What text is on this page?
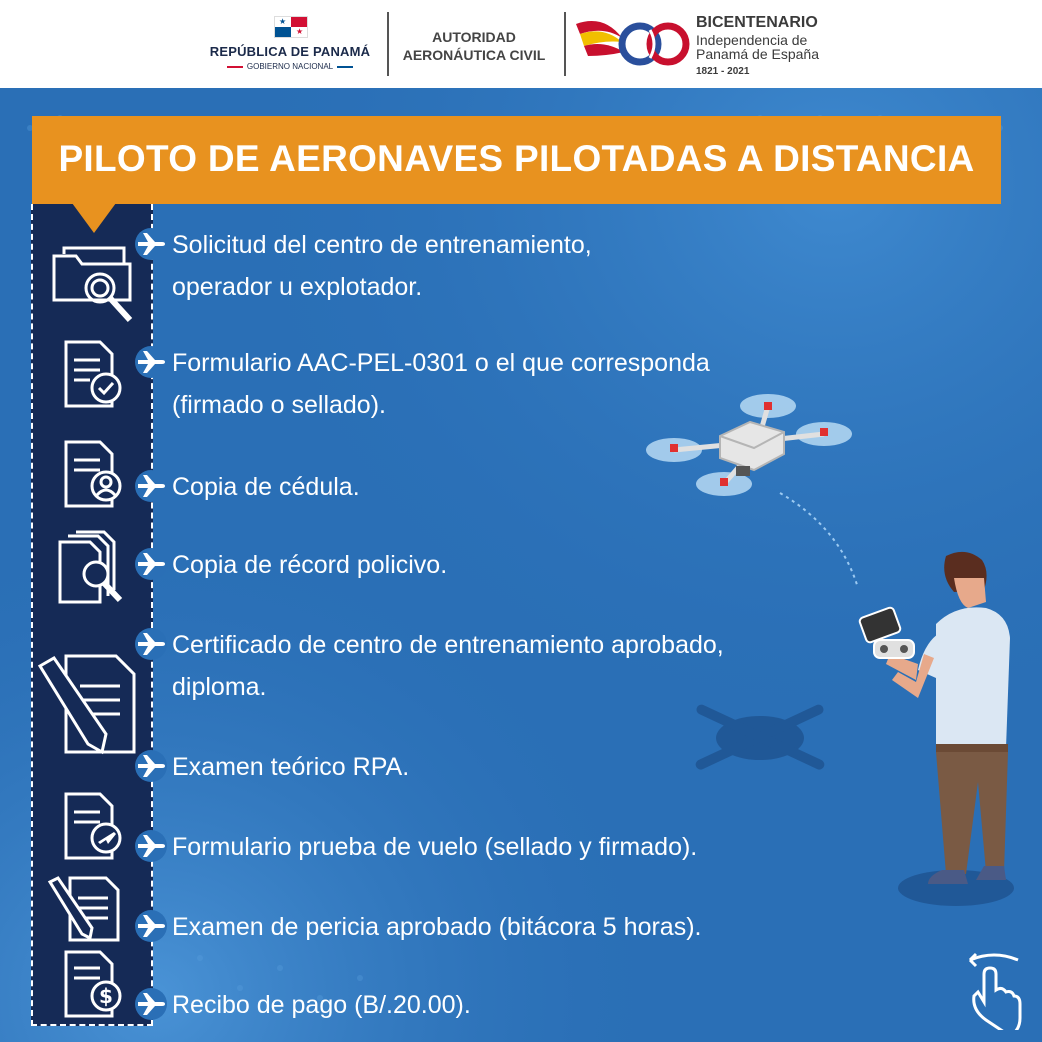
★
★
REPÚBLICA DE PANAMÁ
GOBIERNO NACIONAL
AUTORIDAD
AERONÁUTICA CIVIL
BICENTENARIO
Independencia de
Panamá de España
1821 - 2021
PILOTO DE AERONAVES PILOTADAS A DISTANCIA
$
Solicitud del centro de entrenamiento,
operador u explotador.
Formulario AAC-PEL-0301 o el que corresponda
(firmado o sellado).
Copia de cédula.
Copia de récord policivo.
Certificado de centro de entrenamiento aprobado,
diploma.
Examen teórico RPA.
Formulario prueba de vuelo (sellado y firmado).
Examen de pericia aprobado (bitácora 5 horas).
Recibo de pago (B/.20.00).
